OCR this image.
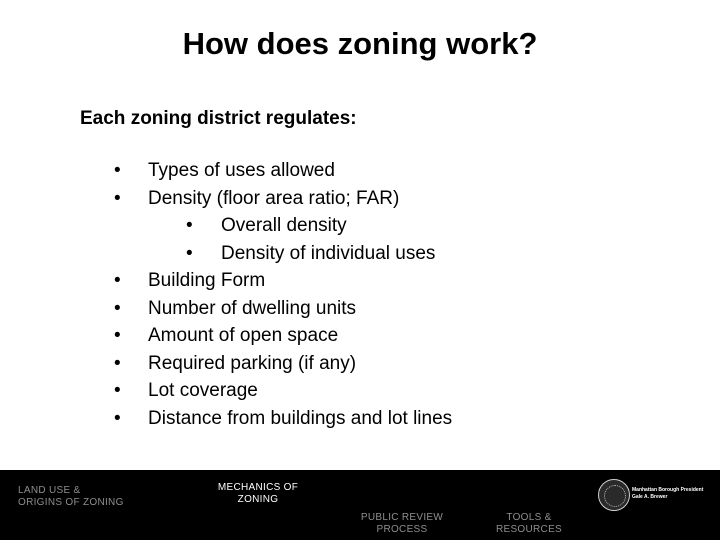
How does zoning work?
Each zoning district regulates:
• Types of uses allowed
• Density (floor area ratio; FAR)
• Overall density
• Density of individual uses
• Building Form
• Number of dwelling units
• Amount of open space
• Required parking (if any)
• Lot coverage
• Distance from buildings and lot lines
LAND USE &
ORIGINS OF ZONING
MECHANICS OF
ZONING
PUBLIC REVIEW
PROCESS
TOOLS &
RESOURCES
Manhattan Borough President
Gale A. Brewer
